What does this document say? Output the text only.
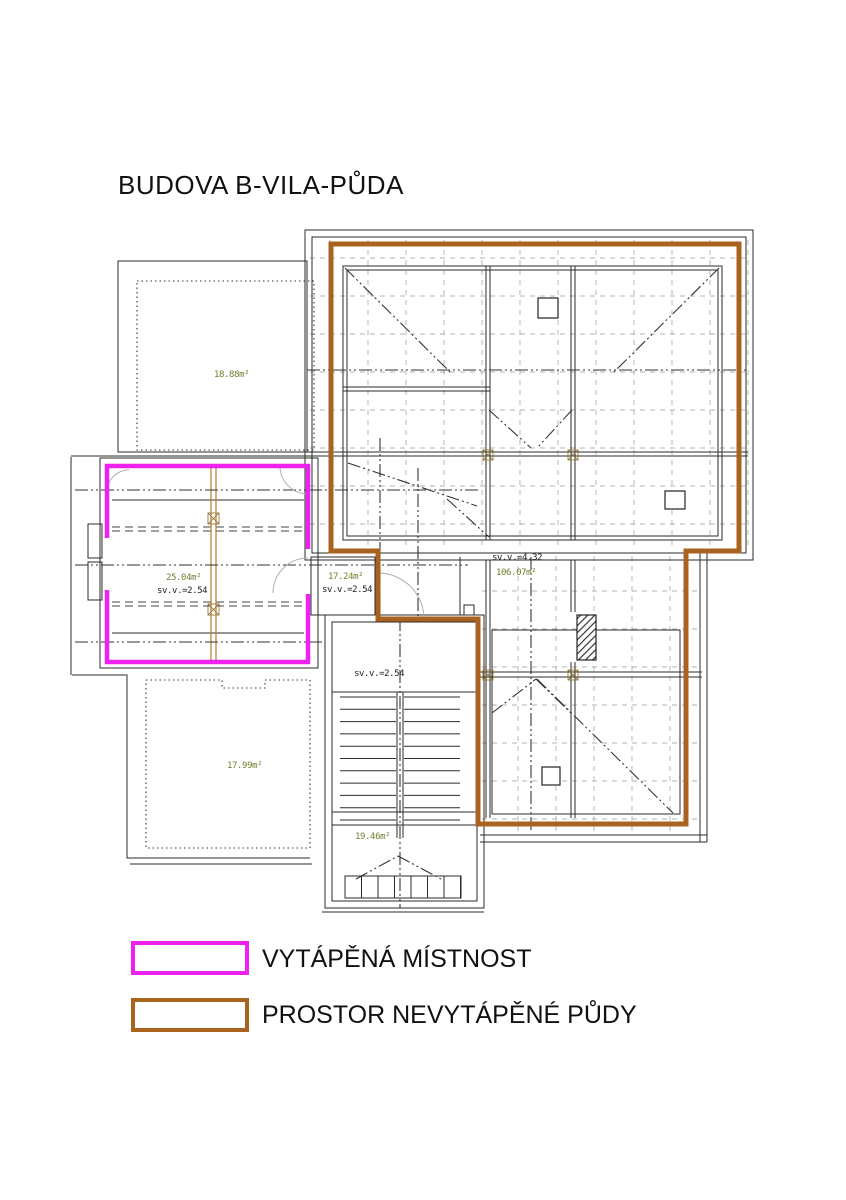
BUDOVA B-VILA-PŮDA
18.88m²
25.04m²
sv.v.=2.54
17.24m²
sv.v.=2.54
sv.v.=4.32
106.07m²
sv.v.=2.54
19.46m²
17.99m²
VYTÁPĚNÁ MÍSTNOST
PROSTOR NEVYTÁPĚNÉ PŮDY
